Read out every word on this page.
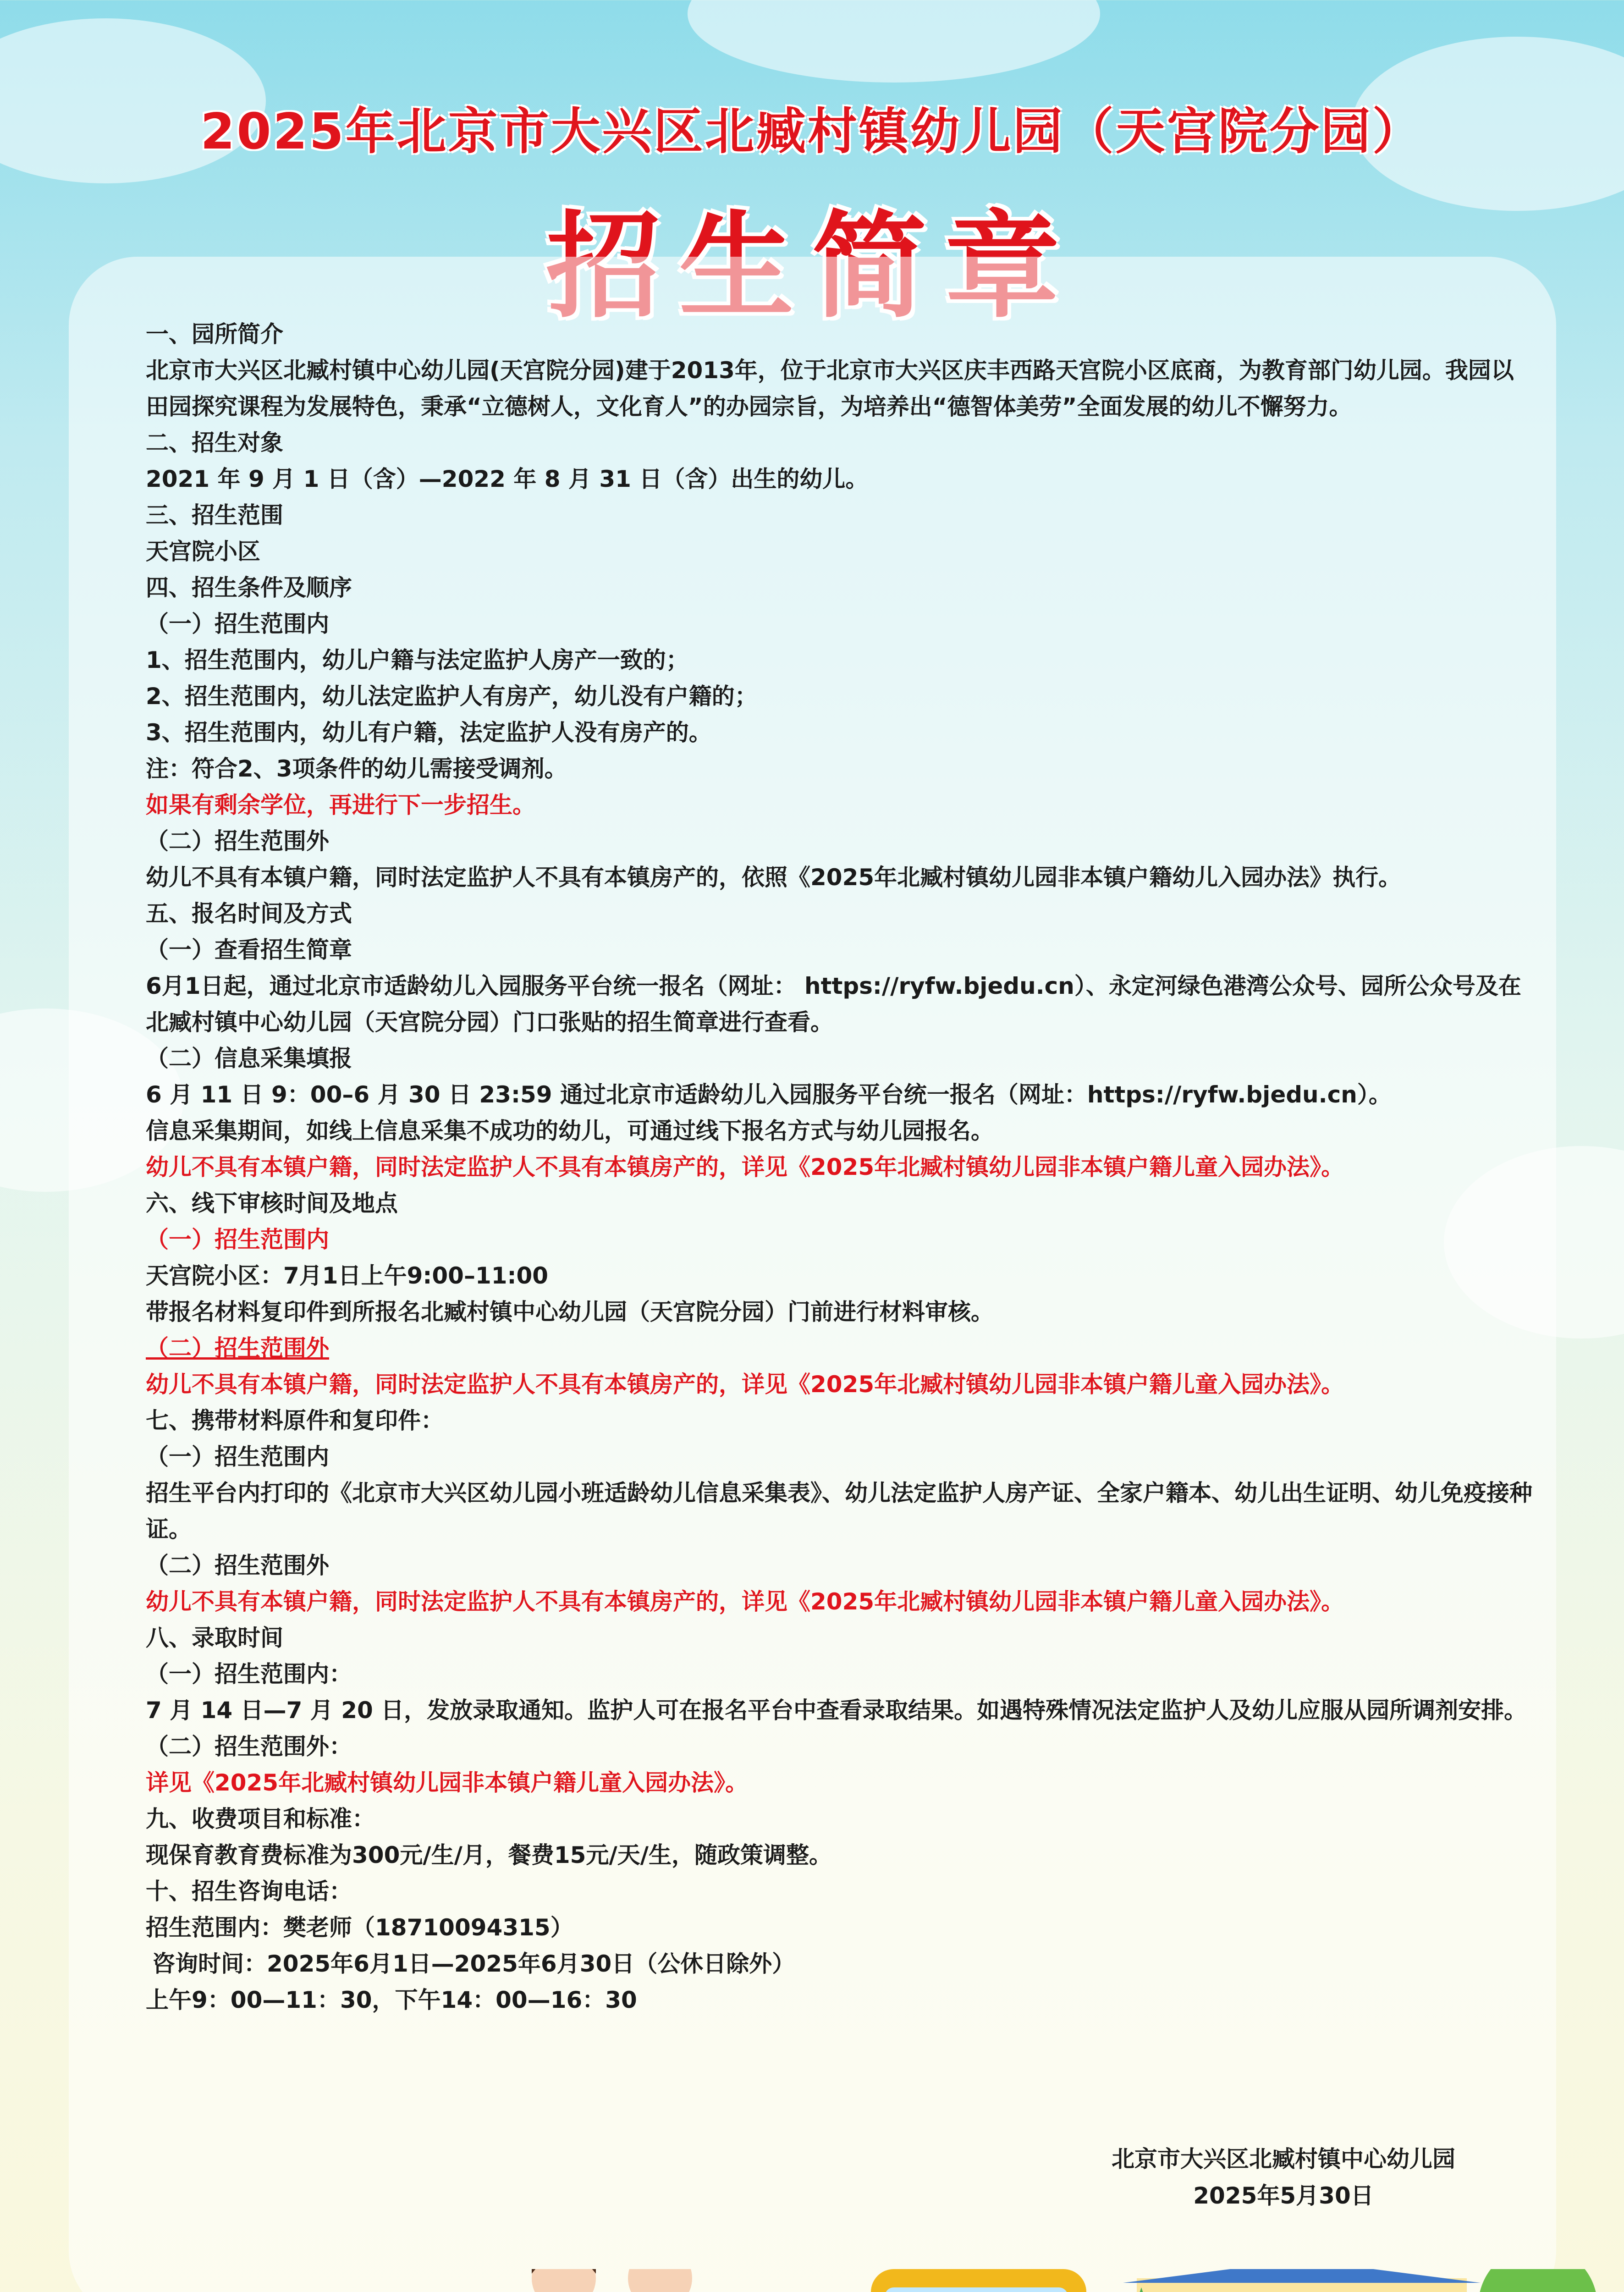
2025年北京市大兴区北臧村镇幼儿园（天宫院分园）

一、园所简介

北京市大兴区北臧村镇中心幼儿园(天宫院分园)建于2013年，位于北京市大兴区庆丰西路天宫院小区底商，为教育部门幼儿园。我园以田园探究课程为发展特色，秉承“立德树人，文化育人”的办园宗旨，为培养出“德智体美劳”全面发展的幼儿不懈努力。

二、招生对象

2021 年 9 月 1 日（含）—2022 年 8 月 31 日（含）出生的幼儿。

三、招生范围

天宫院小区

四、招生条件及顺序

（一）招生范围内

1、招生范围内，幼儿户籍与法定监护人房产一致的；

2、招生范围内，幼儿法定监护人有房产，幼儿没有户籍的；

3、招生范围内，幼儿有户籍，法定监护人没有房产的。

注：符合2、3项条件的幼儿需接受调剂。

如果有剩余学位，再进行下一步招生。

（二）招生范围外

幼儿不具有本镇户籍，同时法定监护人不具有本镇房产的，依照《2025年北臧村镇幼儿园非本镇户籍幼儿入园办法》执行。

五、报名时间及方式

（一）查看招生简章

6月1日起，通过北京市适龄幼儿入园服务平台统一报名（网址： https://ryfw.bjedu.cn）、永定河绿色港湾公众号、园所公众号及在北臧村镇中心幼儿园（天宫院分园）门口张贴的招生简章进行查看。

（二）信息采集填报

6 月 11 日 9：00–6 月 30 日 23:59 通过北京市适龄幼儿入园服务平台统一报名（网址：https://ryfw.bjedu.cn）。

信息采集期间，如线上信息采集不成功的幼儿，可通过线下报名方式与幼儿园报名。

幼儿不具有本镇户籍，同时法定监护人不具有本镇房产的，详见《2025年北臧村镇幼儿园非本镇户籍儿童入园办法》。

六、线下审核时间及地点

（一）招生范围内

天宫院小区：7月1日上午9:00–11:00

带报名材料复印件到所报名北臧村镇中心幼儿园（天宫院分园）门前进行材料审核。

（二）招生范围外

幼儿不具有本镇户籍，同时法定监护人不具有本镇房产的，详见《2025年北臧村镇幼儿园非本镇户籍儿童入园办法》。

七、携带材料原件和复印件：

（一）招生范围内

招生平台内打印的《北京市大兴区幼儿园小班适龄幼儿信息采集表》、幼儿法定监护人房产证、全家户籍本、幼儿出生证明、幼儿免疫接种证。

（二）招生范围外

幼儿不具有本镇户籍，同时法定监护人不具有本镇房产的，详见《2025年北臧村镇幼儿园非本镇户籍儿童入园办法》。

八、录取时间

（一）招生范围内：

7 月 14 日—7 月 20 日，发放录取通知。监护人可在报名平台中查看录取结果。如遇特殊情况法定监护人及幼儿应服从园所调剂安排。

（二）招生范围外：

详见《2025年北臧村镇幼儿园非本镇户籍儿童入园办法》。

九、收费项目和标准：

现保育教育费标准为300元/生/月，餐费15元/天/生，随政策调整。

十、招生咨询电话：

招生范围内：樊老师（18710094315）

咨询时间：2025年6月1日—2025年6月30日（公休日除外）

上午9：00—11：30，下午14：00—16：30

北京市大兴区北臧村镇中心幼儿园
2025年5月30日
